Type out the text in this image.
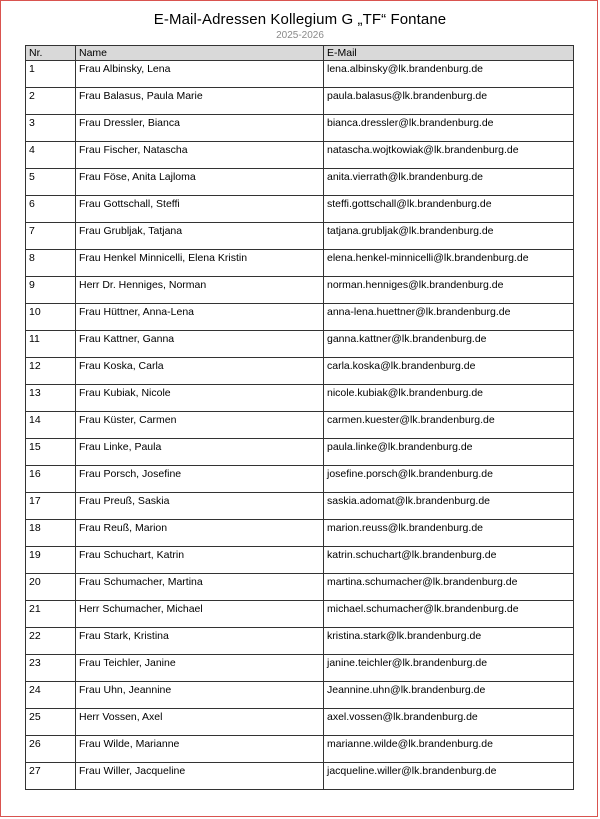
E-Mail-Adressen Kollegium G „TF“ Fontane
2025-2026
Nr.	Name	E-Mail
1	Frau Albinsky, Lena	lena.albinsky@lk.brandenburg.de
2	Frau Balasus, Paula Marie	paula.balasus@lk.brandenburg.de
3	Frau Dressler, Bianca	bianca.dressler@lk.brandenburg.de
4	Frau Fischer, Natascha	natascha.wojtkowiak@lk.brandenburg.de
5	Frau Föse, Anita Lajloma	anita.vierrath@lk.brandenburg.de
6	Frau Gottschall, Steffi	steffi.gottschall@lk.brandenburg.de
7	Frau Grubljak, Tatjana	tatjana.grubljak@lk.brandenburg.de
8	Frau Henkel Minnicelli, Elena Kristin	elena.henkel-minnicelli@lk.brandenburg.de
9	Herr Dr. Henniges, Norman	norman.henniges@lk.brandenburg.de
10	Frau Hüttner, Anna-Lena	anna-lena.huettner@lk.brandenburg.de
11	Frau Kattner, Ganna	ganna.kattner@lk.brandenburg.de
12	Frau Koska, Carla	carla.koska@lk.brandenburg.de
13	Frau Kubiak, Nicole	nicole.kubiak@lk.brandenburg.de
14	Frau Küster, Carmen	carmen.kuester@lk.brandenburg.de
15	Frau Linke, Paula	paula.linke@lk.brandenburg.de
16	Frau Porsch, Josefine	josefine.porsch@lk.brandenburg.de
17	Frau Preuß, Saskia	saskia.adomat@lk.brandenburg.de
18	Frau Reuß, Marion	marion.reuss@lk.brandenburg.de
19	Frau Schuchart, Katrin	katrin.schuchart@lk.brandenburg.de
20	Frau Schumacher, Martina	martina.schumacher@lk.brandenburg.de
21	Herr Schumacher, Michael	michael.schumacher@lk.brandenburg.de
22	Frau Stark, Kristina	kristina.stark@lk.brandenburg.de
23	Frau Teichler, Janine	janine.teichler@lk.brandenburg.de
24	Frau Uhn, Jeannine	Jeannine.uhn@lk.brandenburg.de
25	Herr Vossen, Axel	axel.vossen@lk.brandenburg.de
26	Frau Wilde, Marianne	marianne.wilde@lk.brandenburg.de
27	Frau Willer, Jacqueline	jacqueline.willer@lk.brandenburg.de
